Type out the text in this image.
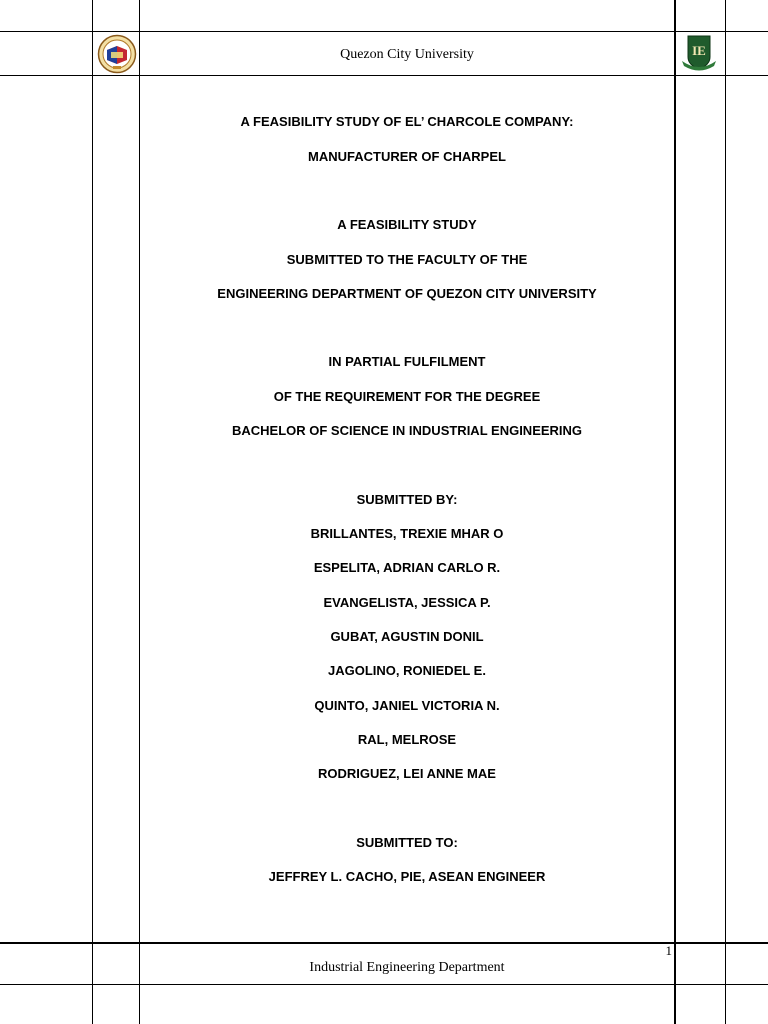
IE
Quezon City University
1
Industrial Engineering Department
A FEASIBILITY STUDY OF EL’ CHARCOLE COMPANY:
MANUFACTURER OF CHARPEL
A FEASIBILITY STUDY
SUBMITTED TO THE FACULTY OF THE
ENGINEERING DEPARTMENT OF QUEZON CITY UNIVERSITY
IN PARTIAL FULFILMENT
OF THE REQUIREMENT FOR THE DEGREE
BACHELOR OF SCIENCE IN INDUSTRIAL ENGINEERING
SUBMITTED BY:
BRILLANTES, TREXIE MHAR O
ESPELITA, ADRIAN CARLO R.
EVANGELISTA, JESSICA P.
GUBAT, AGUSTIN DONIL
JAGOLINO, RONIEDEL E.
QUINTO, JANIEL VICTORIA N.
RAL, MELROSE
RODRIGUEZ, LEI ANNE MAE
SUBMITTED TO:
JEFFREY L. CACHO, PIE, ASEAN ENGINEER
